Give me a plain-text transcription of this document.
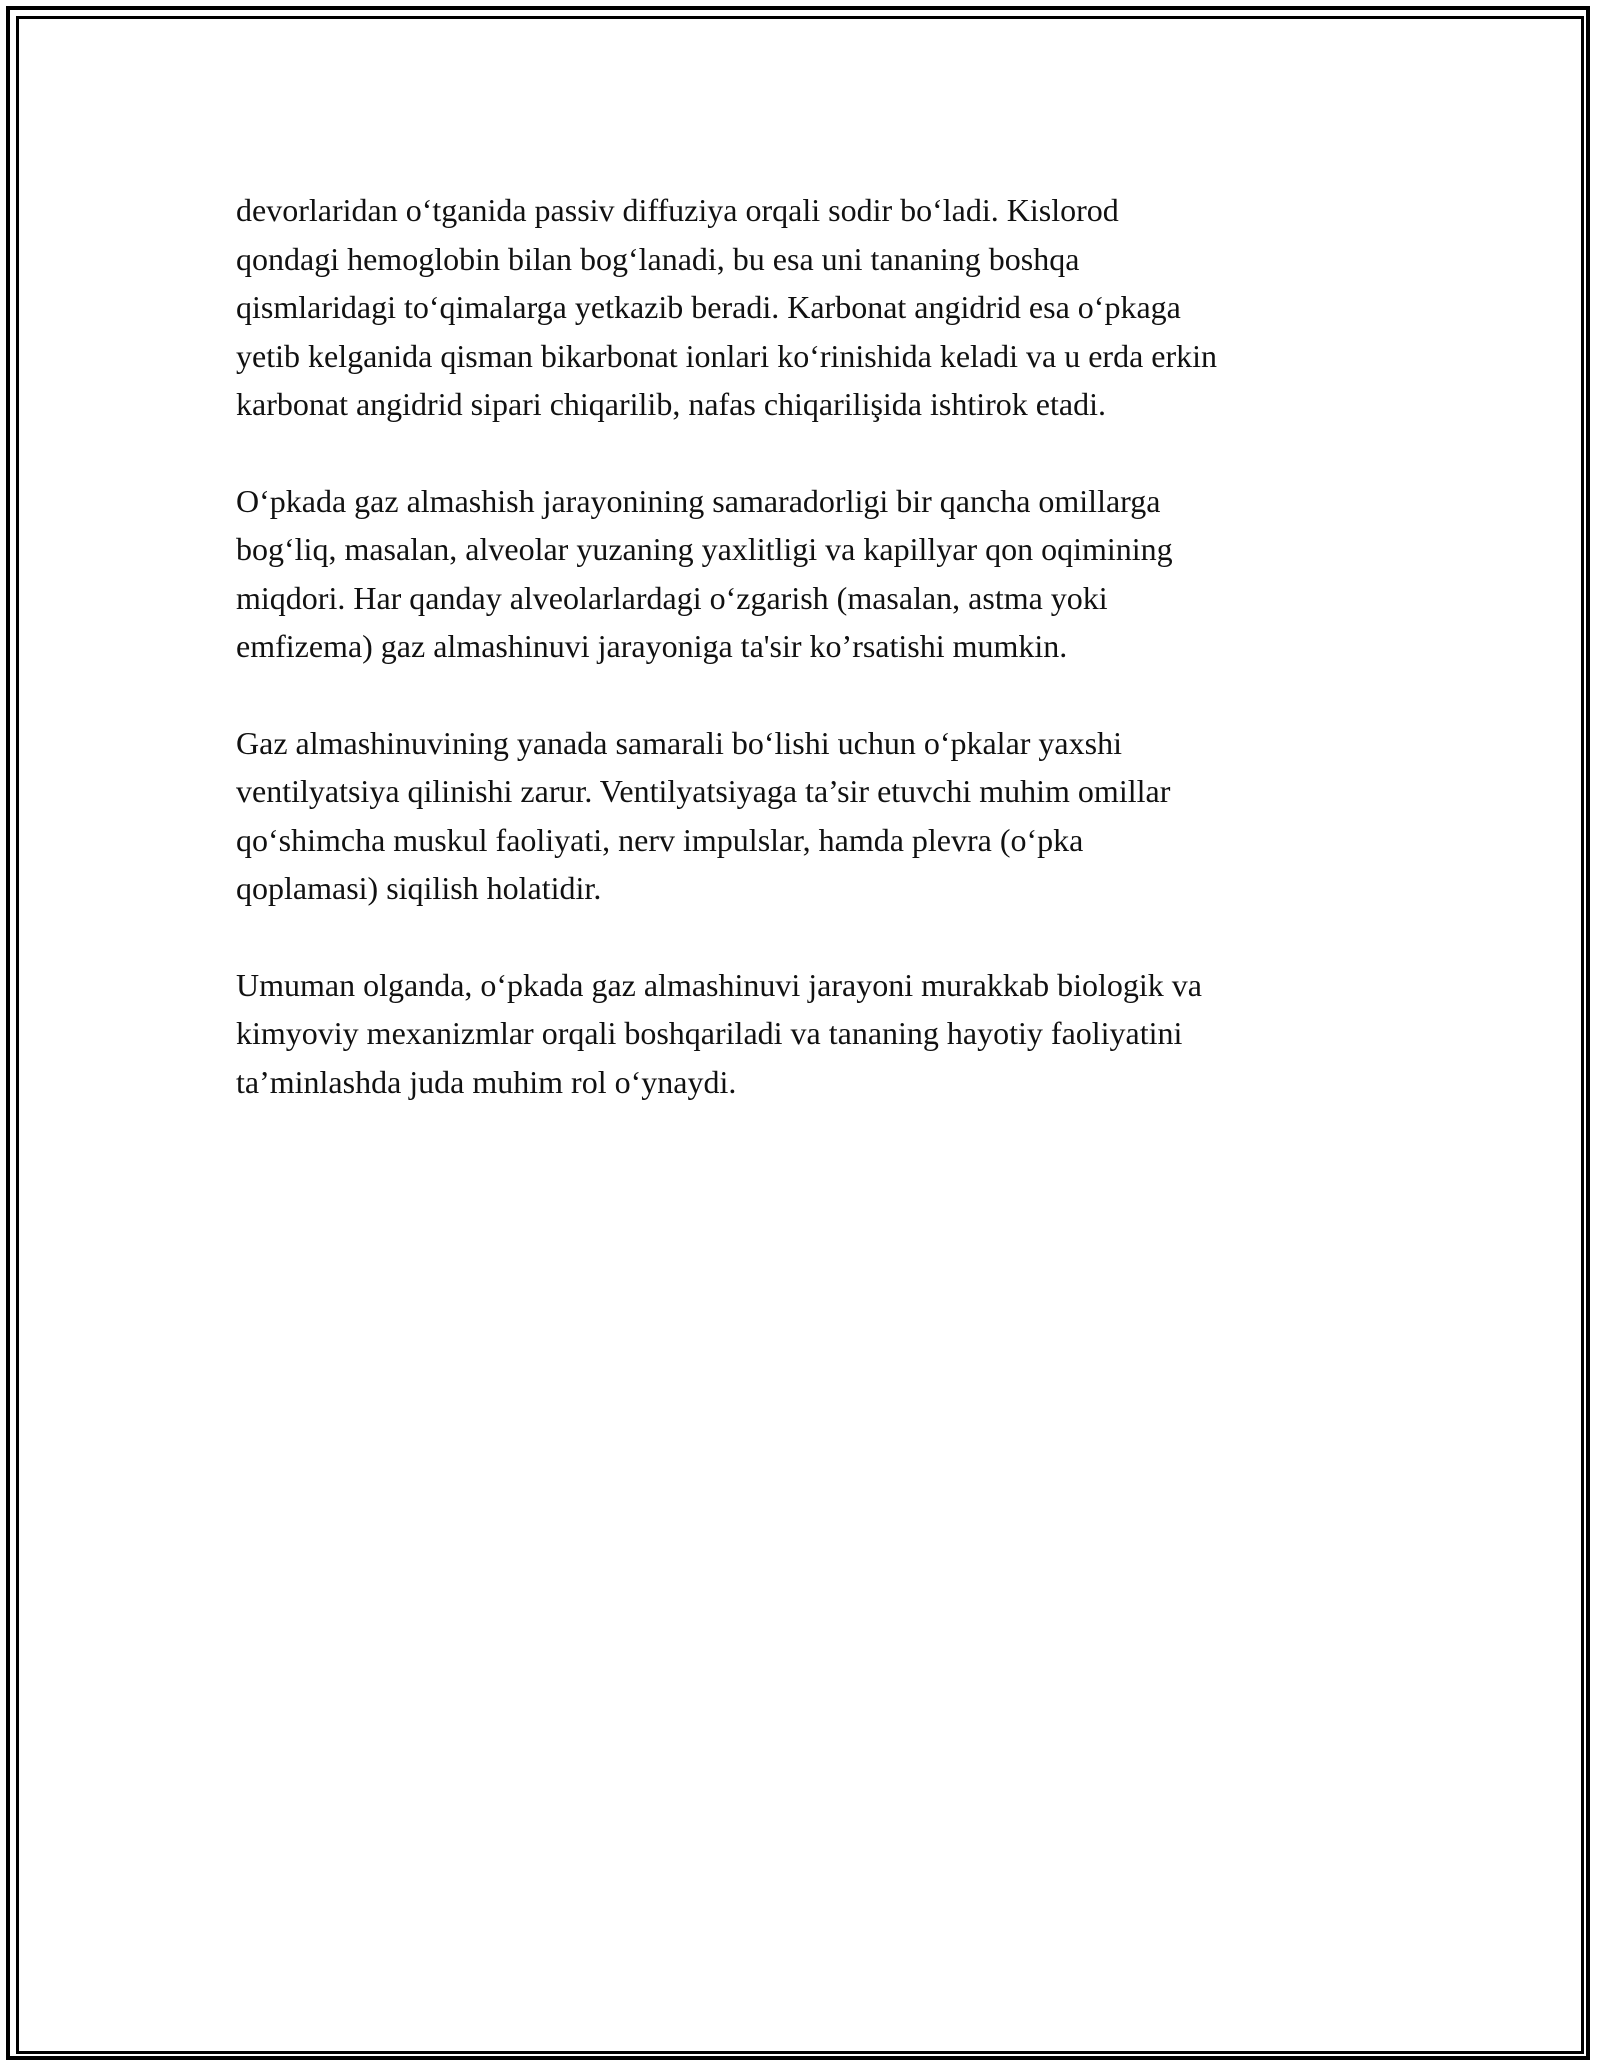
devorlaridan o‘tganida passiv diffuziya orqali sodir bo‘ladi. Kislorod
qondagi hemoglobin bilan bog‘lanadi, bu esa uni tananing boshqa
qismlaridagi to‘qimalarga yetkazib beradi. Karbonat angidrid esa o‘pkaga
yetib kelganida qisman bikarbonat ionlari ko‘rinishida keladi va u erda erkin
karbonat angidrid sipari chiqarilib, nafas chiqarilişida ishtirok etadi.

O‘pkada gaz almashish jarayonining samaradorligi bir qancha omillarga
bog‘liq, masalan, alveolar yuzaning yaxlitligi va kapillyar qon oqimining
miqdori. Har qanday alveolarlardagi o‘zgarish (masalan, astma yoki
emfizema) gaz almashinuvi jarayoniga ta'sir ko’rsatishi mumkin.

Gaz almashinuvining yanada samarali bo‘lishi uchun o‘pkalar yaxshi
ventilyatsiya qilinishi zarur. Ventilyatsiyaga ta’sir etuvchi muhim omillar
qo‘shimcha muskul faoliyati, nerv impulslar, hamda plevra (o‘pka
qoplamasi) siqilish holatidir.

Umuman olganda, o‘pkada gaz almashinuvi jarayoni murakkab biologik va
kimyoviy mexanizmlar orqali boshqariladi va tananing hayotiy faoliyatini
ta’minlashda juda muhim rol o‘ynaydi.
